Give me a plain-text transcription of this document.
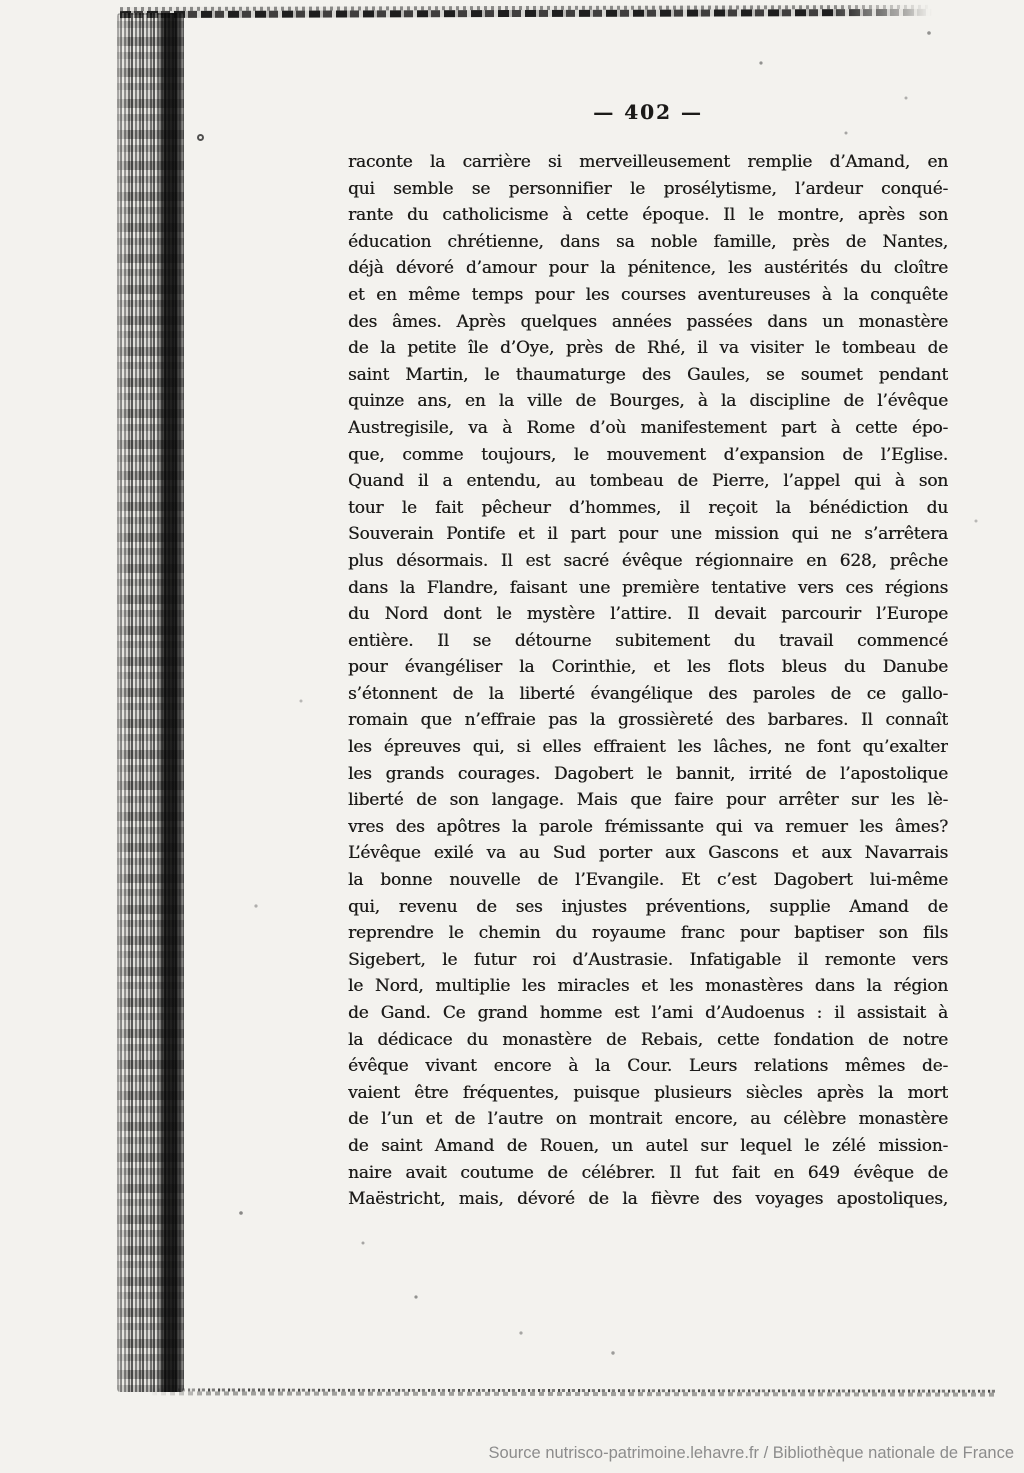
— 402 —
raconte la carrière si merveilleusement remplie d’Amand, en
qui semble se personnifier le prosélytisme, l’ardeur conqué-
rante du catholicisme à cette époque. Il le montre, après son
éducation chrétienne, dans sa noble famille, près de Nantes,
déjà dévoré d’amour pour la pénitence, les austérités du cloître
et en même temps pour les courses aventureuses à la conquête
des âmes. Après quelques années passées dans un monastère
de la petite île d’Oye, près de Rhé, il va visiter le tombeau de
saint Martin, le thaumaturge des Gaules, se soumet pendant
quinze ans, en la ville de Bourges, à la discipline de l’évêque
Austregisile, va à Rome d’où manifestement part à cette épo-
que, comme toujours, le mouvement d’expansion de l’Eglise.
Quand il a entendu, au tombeau de Pierre, l’appel qui à son
tour le fait pêcheur d’hommes, il reçoit la bénédiction du
Souverain Pontife et il part pour une mission qui ne s’arrêtera
plus désormais. Il est sacré évêque régionnaire en 628, prêche
dans la Flandre, faisant une première tentative vers ces régions
du Nord dont le mystère l’attire. Il devait parcourir l’Europe
entière. Il se détourne subitement du travail commencé
pour évangéliser la Corinthie, et les flots bleus du Danube
s’étonnent de la liberté évangélique des paroles de ce gallo-
romain que n’effraie pas la grossièreté des barbares. Il connaît
les épreuves qui, si elles effraient les lâches, ne font qu’exalter
les grands courages. Dagobert le bannit, irrité de l’apostolique
liberté de son langage. Mais que faire pour arrêter sur les lè-
vres des apôtres la parole frémissante qui va remuer les âmes?
L’évêque exilé va au Sud porter aux Gascons et aux Navarrais
la bonne nouvelle de l’Evangile. Et c’est Dagobert lui-même
qui, revenu de ses injustes préventions, supplie Amand de
reprendre le chemin du royaume franc pour baptiser son fils
Sigebert, le futur roi d’Austrasie. Infatigable il remonte vers
le Nord, multiplie les miracles et les monastères dans la région
de Gand. Ce grand homme est l’ami d’Audoenus : il assistait à
la dédicace du monastère de Rebais, cette fondation de notre
évêque vivant encore à la Cour. Leurs relations mêmes de-
vaient être fréquentes, puisque plusieurs siècles après la mort
de l’un et de l’autre on montrait encore, au célèbre monastère
de saint Amand de Rouen, un autel sur lequel le zélé mission-
naire avait coutume de célébrer. Il fut fait en 649 évêque de
Maëstricht, mais, dévoré de la fièvre des voyages apostoliques,
Source nutrisco-patrimoine.lehavre.fr / Bibliothèque nationale de France
